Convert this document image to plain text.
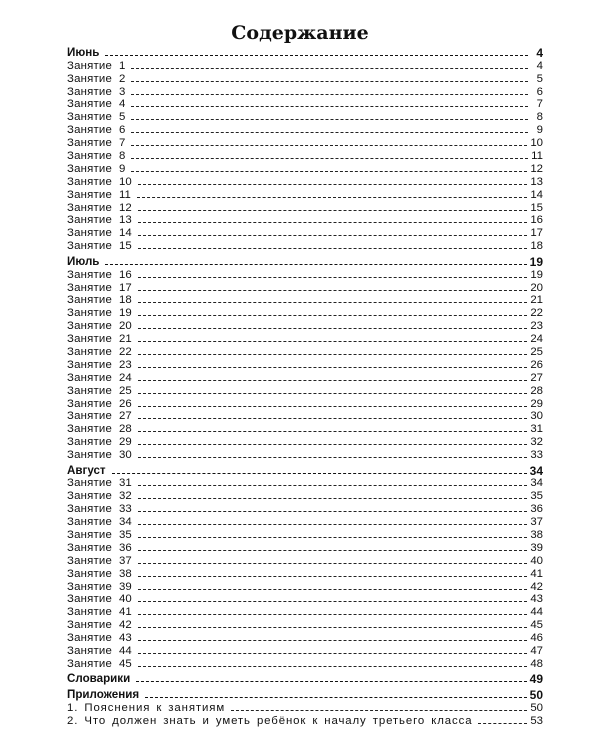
Содержание
Июнь	4
Занятие 1	4
Занятие 2	5
Занятие 3	6
Занятие 4	7
Занятие 5	8
Занятие 6	9
Занятие 7	10
Занятие 8	11
Занятие 9	12
Занятие 10	13
Занятие 11	14
Занятие 12	15
Занятие 13	16
Занятие 14	17
Занятие 15	18
Июль	19
Занятие 16	19
Занятие 17	20
Занятие 18	21
Занятие 19	22
Занятие 20	23
Занятие 21	24
Занятие 22	25
Занятие 23	26
Занятие 24	27
Занятие 25	28
Занятие 26	29
Занятие 27	30
Занятие 28	31
Занятие 29	32
Занятие 30	33
Август	34
Занятие 31	34
Занятие 32	35
Занятие 33	36
Занятие 34	37
Занятие 35	38
Занятие 36	39
Занятие 37	40
Занятие 38	41
Занятие 39	42
Занятие 40	43
Занятие 41	44
Занятие 42	45
Занятие 43	46
Занятие 44	47
Занятие 45	48
Словарики	49
Приложения	50
1. Пояснения к занятиям	50
2. Что должен знать и уметь ребёнок к началу третьего класса	53
